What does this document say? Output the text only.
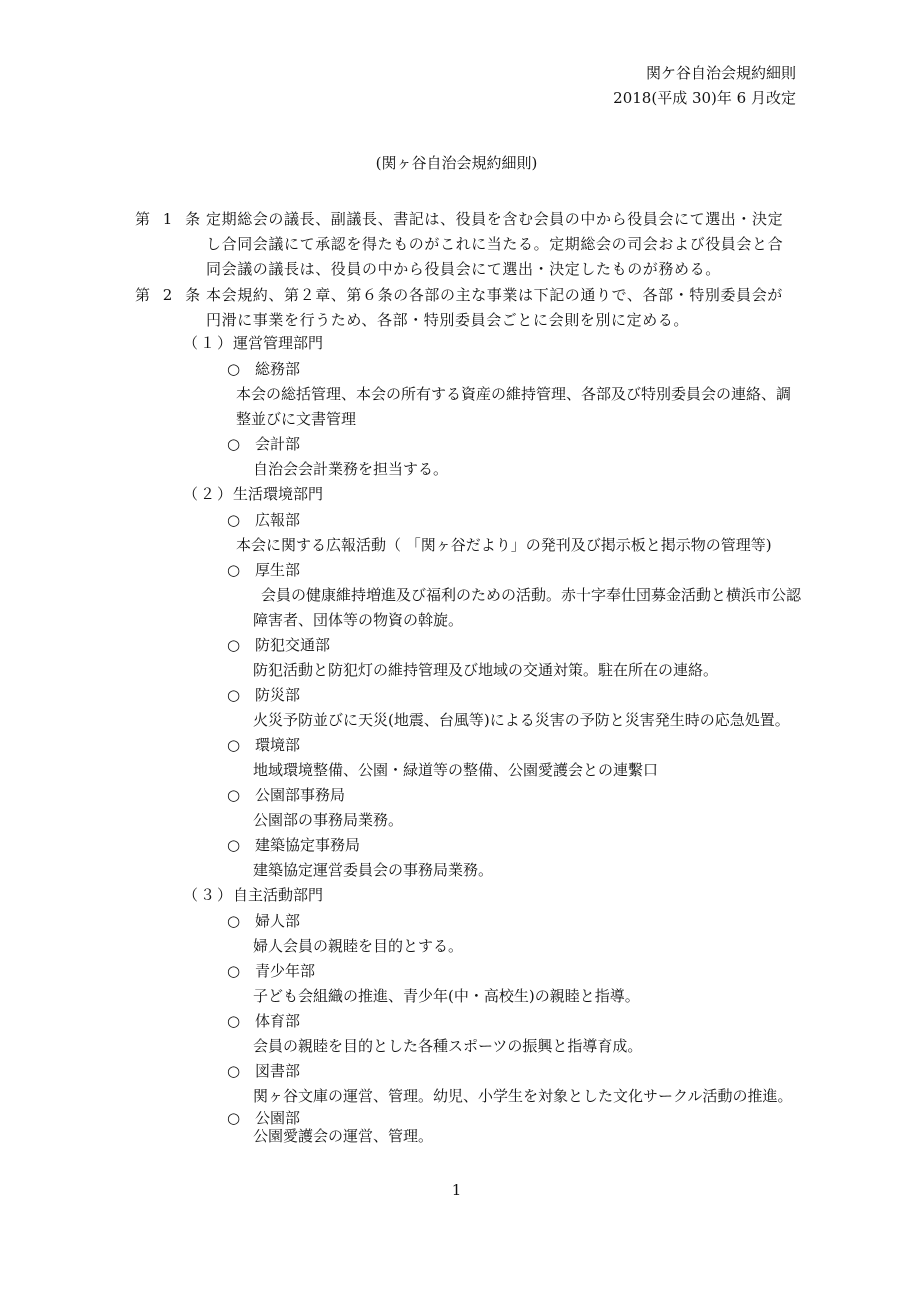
関ケ谷自治会規約細則
2018(平成 30)年 6 月改定
(関ヶ谷自治会規約細則)
第 1 条 定期総会の議長、副議長、書記は、役員を含む会員の中から役員会にて選出・決定し合同会議にて承認を得たものがこれに当たる。定期総会の司会および役員会と合同会議の議長は、役員の中から役員会にて選出・決定したものが務める。
第 2 条 本会規約、第２章、第６条の各部の主な事業は下記の通りで、各部・特別委員会が円滑に事業を行うため、各部・特別委員会ごとに会則を別に定める。
（１）運営管理部門
○ 総務部
本会の総括管理、本会の所有する資産の維持管理、各部及び特別委員会の連絡、調整並びに文書管理
○ 会計部
自治会会計業務を担当する。
（２）生活環境部門
○ 広報部
本会に関する広報活動（ 「関ヶ谷だより」の発刊及び掲示板と掲示物の管理等)
○ 厚生部
会員の健康維持増進及び福利のための活動。赤十字奉仕団募金活動と横浜市公認障害者、団体等の物資の斡旋。
○ 防犯交通部
防犯活動と防犯灯の維持管理及び地域の交通対策。駐在所在の連絡。
○ 防災部
火災予防並びに天災(地震、台風等)による災害の予防と災害発生時の応急処置。
○ 環境部
地域環境整備、公園・緑道等の整備、公園愛護会との連繫口
○ 公園部事務局
公園部の事務局業務。
○ 建築協定事務局
建築協定運営委員会の事務局業務。
（３）自主活動部門
○ 婦人部
婦人会員の親睦を目的とする。
○ 青少年部
子ども会組織の推進、青少年(中・高校生)の親睦と指導。
○ 体育部
会員の親睦を目的とした各種スポーツの振興と指導育成。
○ 図書部
関ヶ谷文庫の運営、管理。幼児、小学生を対象とした文化サークル活動の推進。
○ 公園部
公園愛護会の運営、管理。
1
